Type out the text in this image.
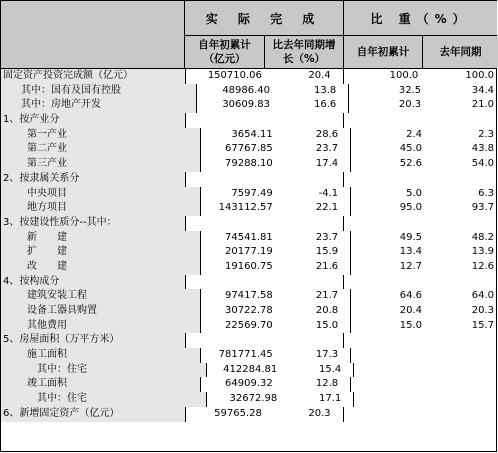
实 际 完 成	比 重（%）
自年初累计（亿元）
比去年同期增长（%）
自年初累计	去年同期
固定资产投资完成额（亿元）	150710.06	20.4	100.0	100.0
其中：国有及国有控股	48986.40	13.8	32.5	34.4
其中：房地产开发	30609.83	16.6	20.3	21.0
1、按产业分
第一产业	3654.11	28.6	2.4	2.3
第二产业	67767.85	23.7	45.0	43.8
第三产业	79288.10	17.4	52.6	54.0
2、按隶属关系分
中央项目	7597.49	-4.1	5.0	6.3
地方项目	143112.57	22.1	95.0	93.7
3、按建设性质分--其中：
新　　建	74541.81	23.7	49.5	48.2
扩　　建	20177.19	15.9	13.4	13.9
改　　建	19160.75	21.6	12.7	12.6
4、按构成分
建筑安装工程	97417.58	21.7	64.6	64.0
设备工器具购置	30722.78	20.8	20.4	20.3
其他费用	22569.70	15.0	15.0	15.7
5、房屋面积（万平方米）
施工面积	781771.45	17.3
其中：住宅	412284.81	15.4
竣工面积	64909.32	12.8
其中：住宅	32672.98	17.1
6、新增固定资产（亿元）	59765.28	20.3
